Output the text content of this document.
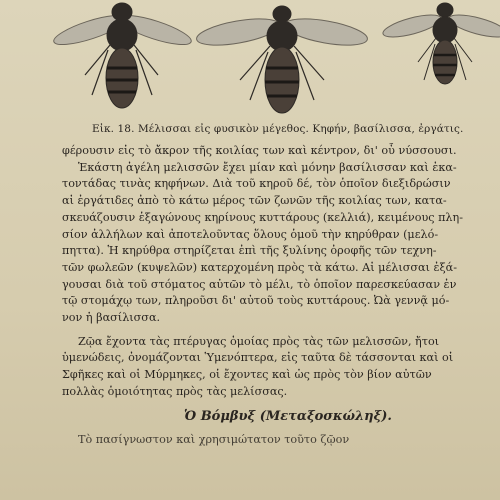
Εἰκ. 18. Μέλισσαι εἰς φυσικὸν μέγεθος. Κηφήν, βασίλισσα, ἐργάτις.
φέρουσιν εἰς τὸ ἄκρον τῆς κοιλίας των καὶ κέντρον, δι' οὗ νύσσουσι.
Ἑκάστη ἀγέλη μελισσῶν ἔχει μίαν καὶ μόνην βασίλισσαν καὶ ἑκα-
τοντάδας τινὰς κηφήνων. Διὰ τοῦ κηροῦ δέ, τὸν ὁποῖον διεξιδρώσιν
αἱ ἐργάτιδες ἀπὸ τὸ κάτω μέρος τῶν ζωνῶν τῆς κοιλίας των, κατα-
σκευάζουσιν ἑξαγώνους κηρίνους κυττάρους (κελλιά), κειμένους πλη-
σίον ἀλλήλων καὶ ἀποτελοῦντας ὅλους ὁμοῦ τὴν κηρύθραν (μελό-
πηττα). Ἡ κηρύθρα στηρίζεται ἐπὶ τῆς ξυλίνης ὀροφῆς τῶν τεχνη-
τῶν φωλεῶν (κυψελῶν) κατερχομένη πρὸς τὰ κάτω. Αἱ μέλισσαι ἐξά-
γουσαι διὰ τοῦ στόματος αὐτῶν τὸ μέλι, τὸ ὁποῖον παρεσκεύασαν ἐν
τῷ στομάχῳ των, πληροῦσι δι' αὐτοῦ τοὺς κυττάρους. Ὠὰ γεννᾷ μό-
νον ἡ βασίλισσα.
Ζῷα ἔχοντα τὰς πτέρυγας ὁμοίας πρὸς τὰς τῶν μελισσῶν, ἤτοι
ὑμενώδεις, ὀνομάζονται Ὑμενόπτερα, εἰς ταῦτα δὲ τάσσονται καὶ οἱ
Σφῆκες καὶ οἱ Μύρμηκες, οἱ ἔχοντες καὶ ὡς πρὸς τὸν βίον αὐτῶν
πολλὰς ὁμοιότητας πρὸς τὰς μελίσσας.
Ὁ Βόμβυξ (Μεταξοσκώληξ).
Τὸ πασίγνωστον καὶ χρησιμώτατον τοῦτο ζῷον
